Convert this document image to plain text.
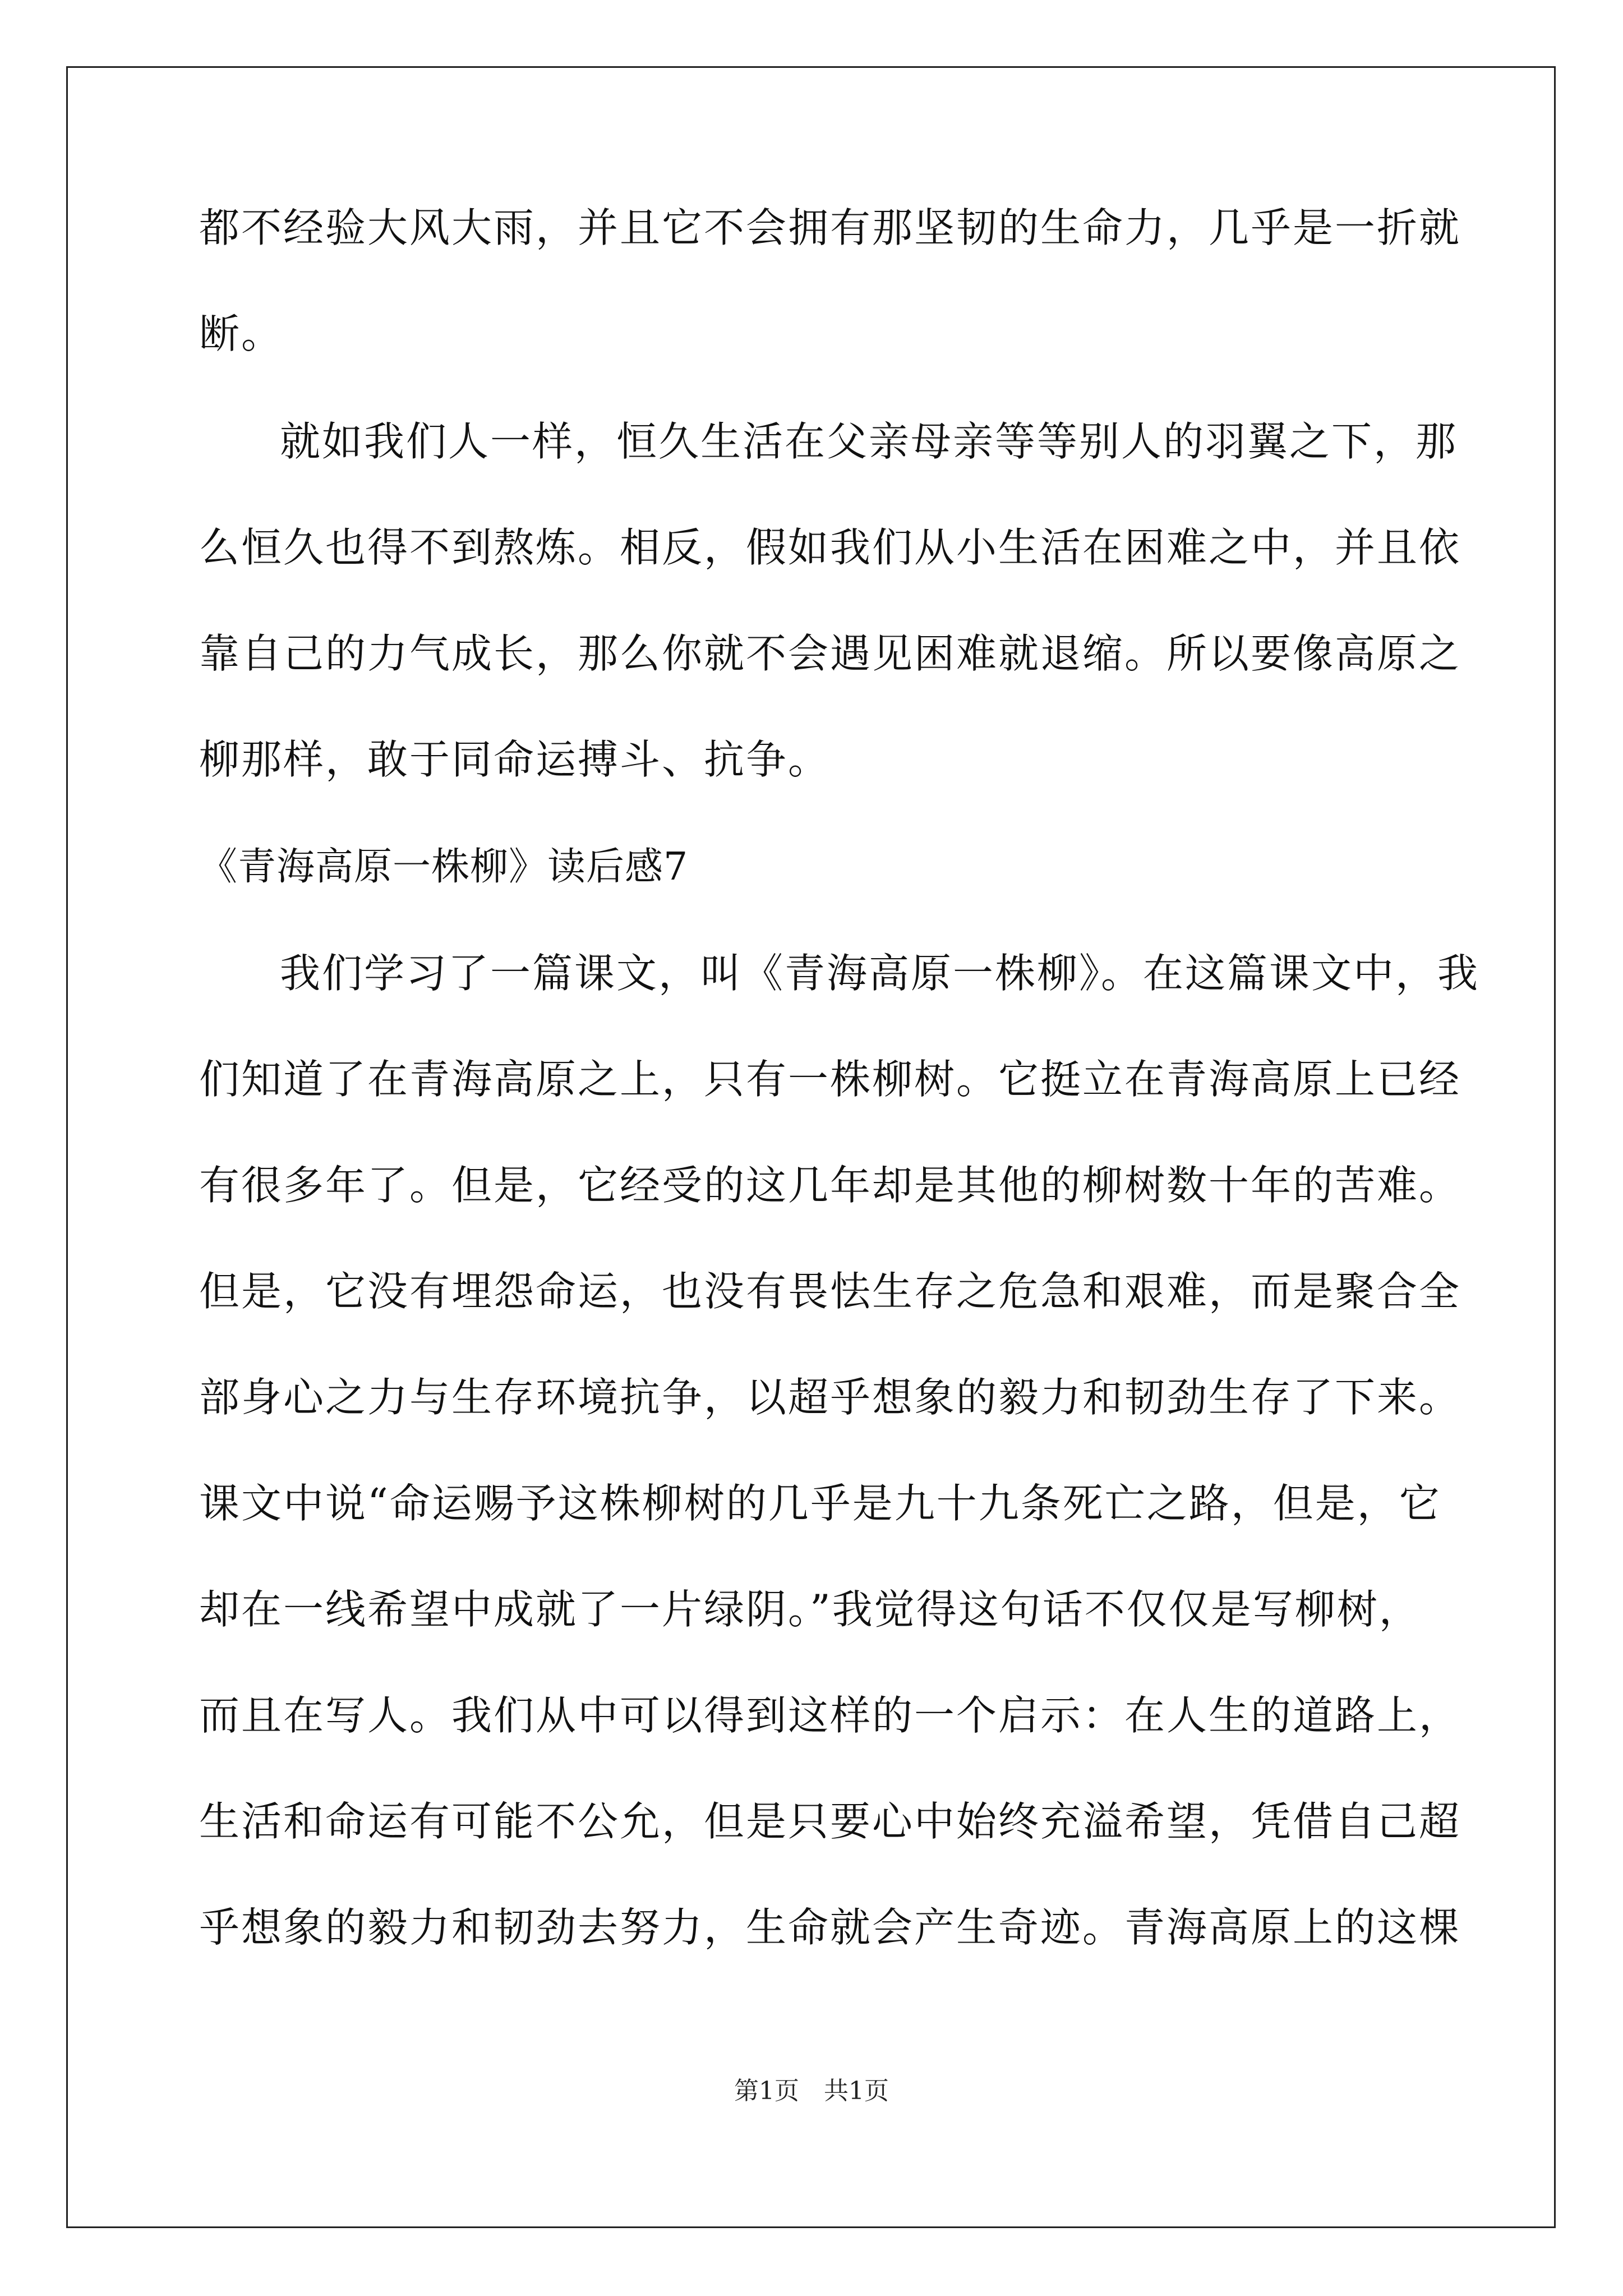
都不经验大风大雨，并且它不会拥有那坚韧的生命力，几乎是一折就
断。
就如我们人一样，恒久生活在父亲母亲等等别人的羽翼之下，那
么恒久也得不到熬炼。相反，假如我们从小生活在困难之中，并且依
靠自己的力气成长，那么你就不会遇见困难就退缩。所以要像高原之
柳那样，敢于同命运搏斗、抗争。
《青海高原一株柳》读后感7
我们学习了一篇课文，叫《青海高原一株柳》。在这篇课文中，我
们知道了在青海高原之上，只有一株柳树。它挺立在青海高原上已经
有很多年了。但是，它经受的这几年却是其他的柳树数十年的苦难。
但是，它没有埋怨命运，也没有畏怯生存之危急和艰难，而是聚合全
部身心之力与生存环境抗争，以超乎想象的毅力和韧劲生存了下来。
课文中说“命运赐予这株柳树的几乎是九十九条死亡之路，但是，它
却在一线希望中成就了一片绿阴。”我觉得这句话不仅仅是写柳树，
而且在写人。我们从中可以得到这样的一个启示：在人生的道路上，
生活和命运有可能不公允，但是只要心中始终充溢希望，凭借自己超
乎想象的毅力和韧劲去努力，生命就会产生奇迹。青海高原上的这棵
第1页　共1页
